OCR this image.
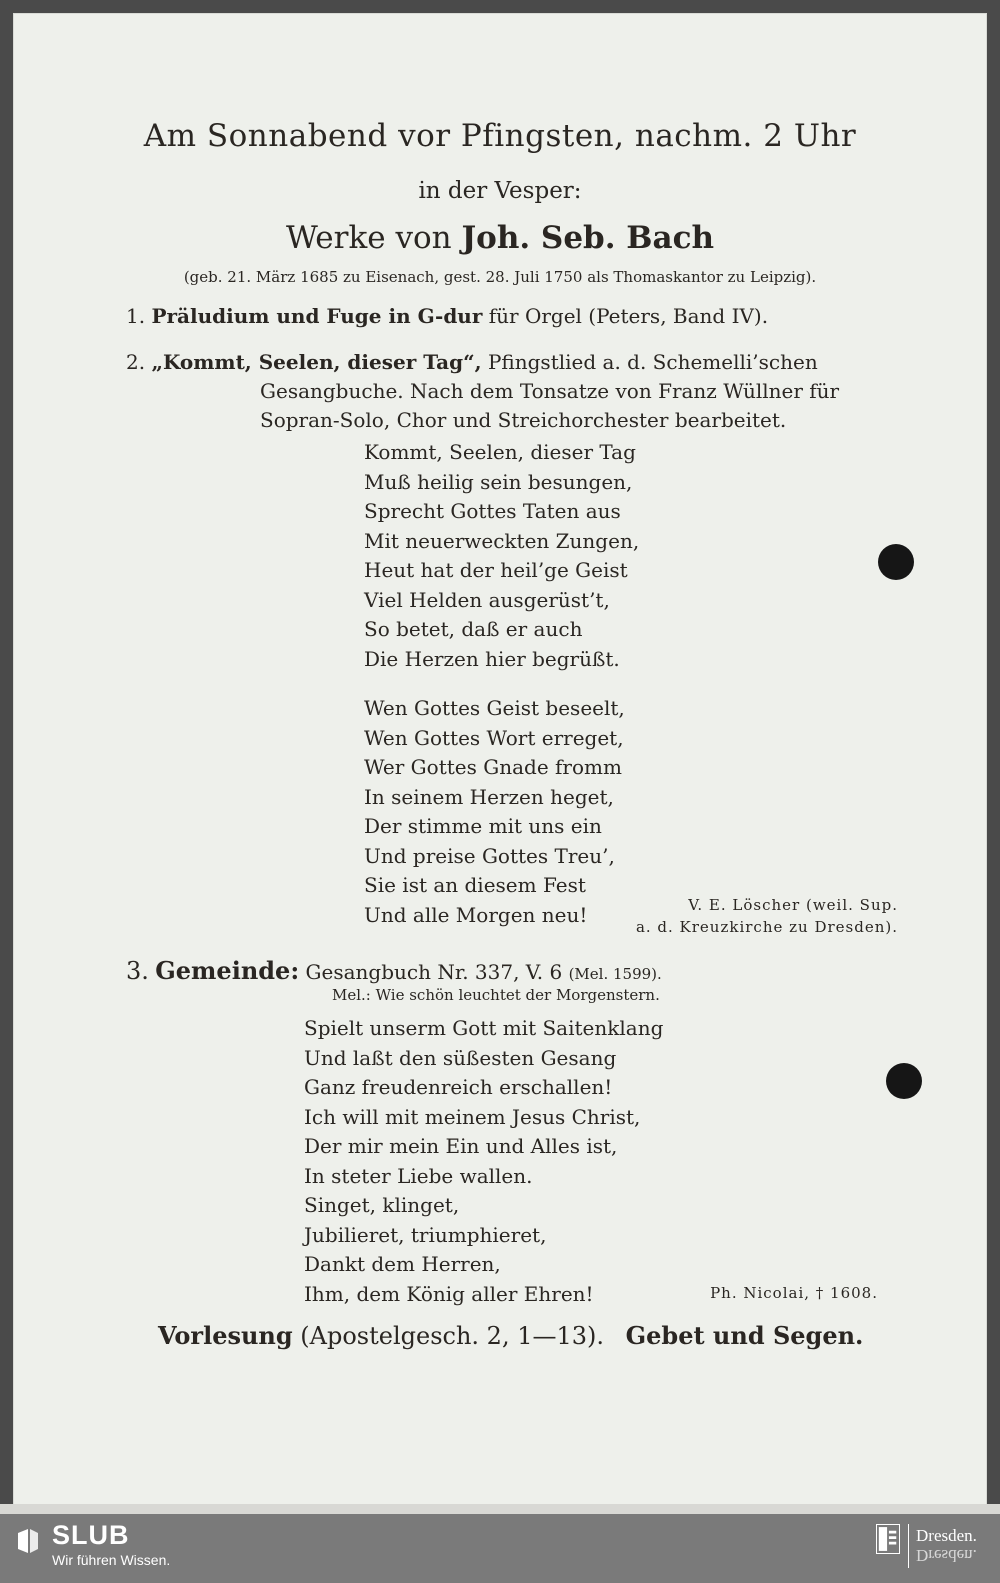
Am Sonnabend vor Pfingsten, nachm. 2 Uhr
in der Vesper:
Werke von Joh. Seb. Bach
(geb. 21. März 1685 zu Eisenach, gest. 28. Juli 1750 als Thomaskantor zu Leipzig).
1. Präludium und Fuge in G-dur für Orgel (Peters, Band IV).
2. „Kommt, Seelen, dieser Tag“, Pfingstlied a. d. Schemelli’schen
Gesangbuche. Nach dem Tonsatze von Franz Wüllner für
Sopran-Solo, Chor und Streichorchester bearbeitet.
Kommt, Seelen, dieser Tag
Muß heilig sein besungen,
Sprecht Gottes Taten aus
Mit neuerweckten Zungen,
Heut hat der heil’ge Geist
Viel Helden ausgerüst’t,
So betet, daß er auch
Die Herzen hier begrüßt.
Wen Gottes Geist beseelt,
Wen Gottes Wort erreget,
Wer Gottes Gnade fromm
In seinem Herzen heget,
Der stimme mit uns ein
Und preise Gottes Treu’,
Sie ist an diesem Fest
Und alle Morgen neu!	V. E. Löscher (weil. Sup.
a. d. Kreuzkirche zu Dresden).
3. Gemeinde: Gesangbuch Nr. 337, V. 6 (Mel. 1599).
Mel.: Wie schön leuchtet der Morgenstern.
Spielt unserm Gott mit Saitenklang
Und laßt den süßesten Gesang
Ganz freudenreich erschallen!
Ich will mit meinem Jesus Christ,
Der mir mein Ein und Alles ist,
In steter Liebe wallen.
Singet, klinget,
Jubilieret, triumphieret,
Dankt dem Herren,
Ihm, dem König aller Ehren!	Ph. Nicolai, † 1608.
Vorlesung (Apostelgesch. 2, 1—13). Gebet und Segen.
SLUB
Wir führen Wissen.
Dresden.
Dresden.
